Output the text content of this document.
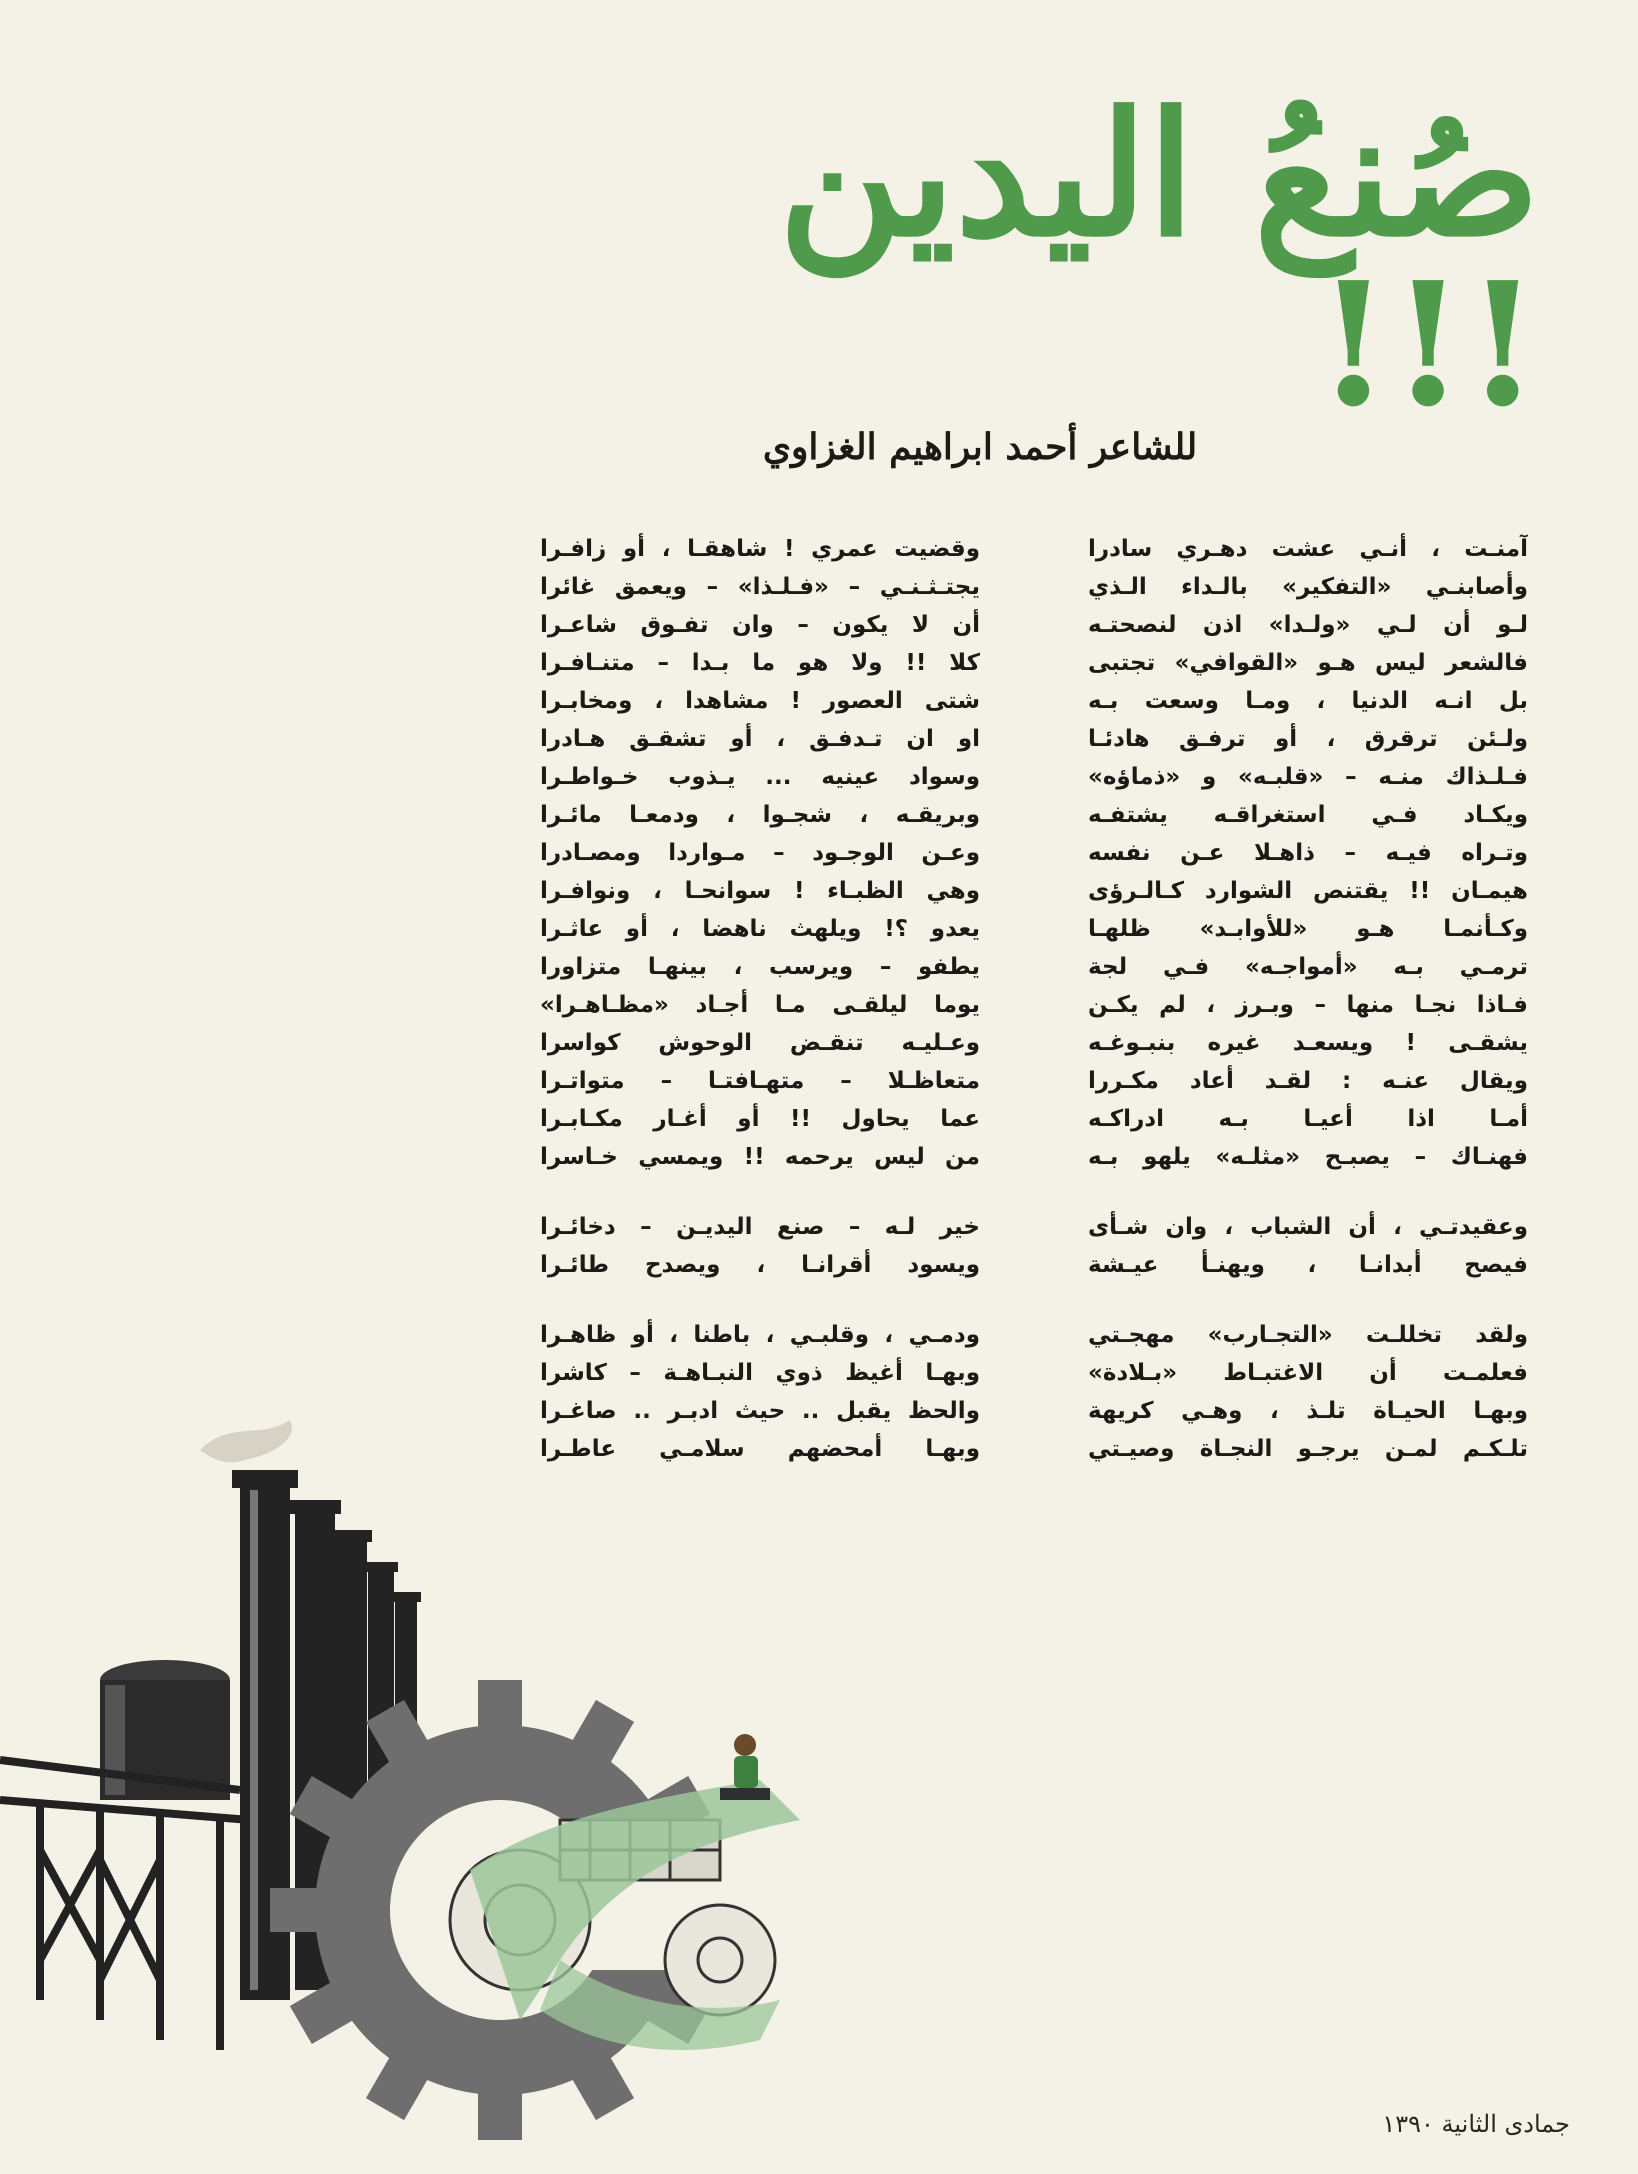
صُنعُ اليدين !!!
للشاعر أحمد ابراهيم الغزاوي
آمنـت ، أنـي عشت دهـري سادرا
وأصابنـي «التفكير» بالـداء الـذي
لـو أن لـي «ولـدا» اذن لنصحتـه
فالشعر ليس هـو «القوافي» تجتبى
بل انـه الدنيا ، ومـا وسعت بـه
ولـئن ترقرق ، أو ترفـق هادئـا
فـلـذاك منـه – «قلبـه» و «ذماؤه»
ويكـاد فـي استغراقـه يشتفـه
وتـراه فيـه – ذاهـلا عـن نفسه
هيمـان !! يقتنص الشوارد كـالـرؤى
وكـأنمـا هـو «للأوابـد» ظلهـا
ترمـي بـه «أمواجـه» فـي لجة
فـاذا نجـا منها – وبـرز ، لم يكـن
يشقـى ! ويسعـد غيره بنبـوغـه
ويقال عنـه : لقـد أعاد مكـررا
أمـا اذا أعيـا بـه ادراكـه
فهنـاك – يصبـح «مثلـه» يلهو بـه
وعقيدتـي ، أن الشباب ، وان شـأى
فيصح أبدانـا ، ويهنـأ عيـشة
ولقد تخللـت «التجـارب» مهجـتي
فعلمـت أن الاغتبـاط «بـلادة»
وبهـا الحيـاة تلـذ ، وهـي كريهة
تلـكـم لمـن يرجـو النجـاة وصيـتي
وقضيت عمري ! شاهقـا ، أو زافـرا
يجتـثـنـي – «فـلـذا» – ويعمق غائرا
أن لا يكون – وان تفـوق شاعـرا
كلا !! ولا هو ما بـدا – متنـافـرا
شتى العصور ! مشاهدا ، ومخابـرا
او ان تـدفـق ، أو تشقـق هـادرا
وسواد عينيه ... يـذوب خـواطـرا
وبريقـه ، شجـوا ، ودمعـا مائـرا
وعـن الوجـود – مـواردا ومصـادرا
وهي الظبـاء ! سوانحـا ، ونوافـرا
يعدو ؟! ويلهث ناهضا ، أو عاثـرا
يطفو – ويرسب ، بينهـا متزاورا
يوما ليلقـى مـا أجـاد «مظـاهـرا»
وعـليـه تنقـض الوحوش كواسرا
متعاظـلا – متهـافتـا – متواتـرا
عما يحاول !! أو أغـار مكـابـرا
من ليس يرحمه !! ويمسي خـاسرا
خير لـه – صنع اليديـن – دخائـرا
ويسود أقرانـا ، ويصدح طائـرا
ودمـي ، وقلبـي ، باطنا ، أو ظاهـرا
وبهـا أغيظ ذوي النبـاهـة – كاشرا
والحظ يقبل .. حيث ادبـر .. صاغـرا
وبهـا أمحضهم سلامـي عاطـرا
جمادى الثانية ١٣٩٠
